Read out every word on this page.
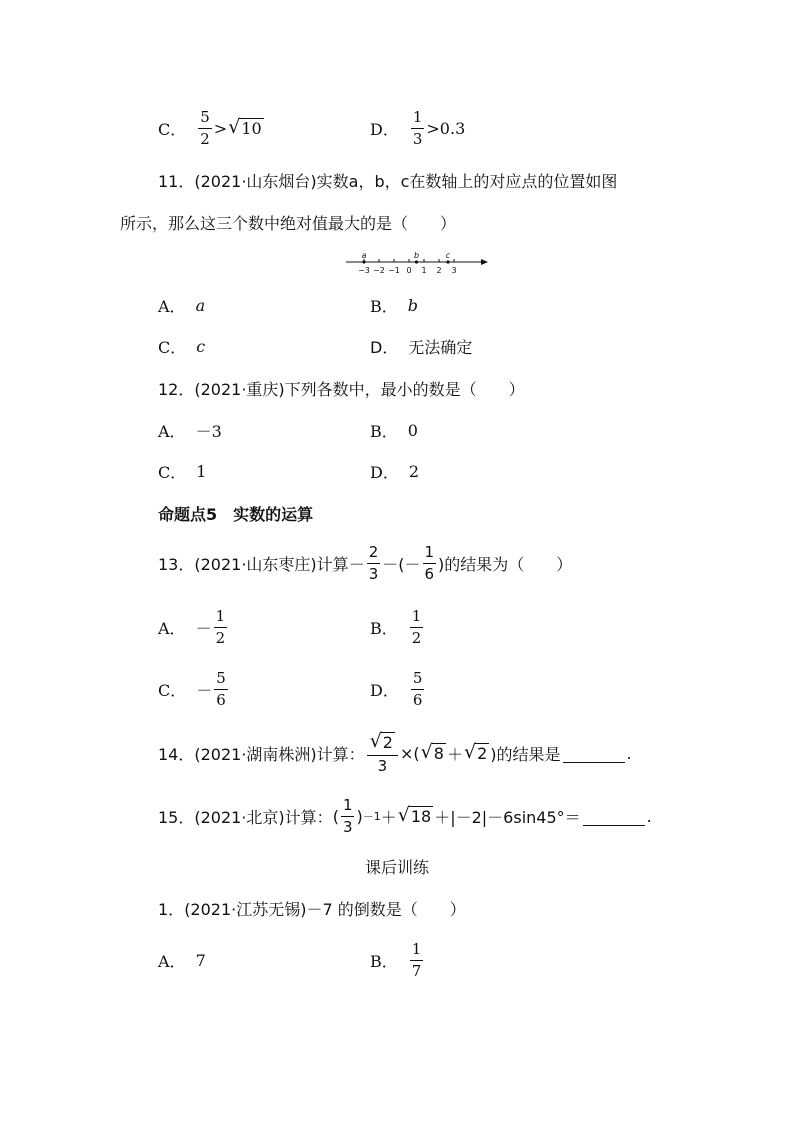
C． $\frac{5}{2}$ > √ 10	D． $\frac{1}{3} >0.3$
11． (2021·山东烟台) 实数a，b，c在数轴上的对应点的位置如图
所示，那么这三个数中绝对值最大的是（　　）
−3 −2 −1 0 1 2 3
a	b	c
A． a	B． b
C． c	D． 无法确定
12． (2021·重庆) 下列各数中，最小的数是（　　）
A． －3	B． 0
C． 1	D． 2
命题点5　实数的运算
13． (2021·山东枣庄) 计算 － $\frac{2}{3}$ －(－ $\frac{1}{6}$ )的结果为（　　）
A． － $\frac{1}{2}$	B． $\frac{1}{2}$
C． － $\frac{5}{6}$	D． $\frac{5}{6}$
14． (2021·湖南株洲) 计算： $\frac{√ 2}{3}$ ×( √ 8 ＋ √ 2 )的结果是	.
15． (2021·北京) 计算： ( $\frac{1}{3}$ ) －1 ＋ √ 18 ＋|－2|－6sin45°＝	.
课后训练
1． (2021·江苏无锡) －7 的倒数是（　　）
A． 7	B． $\frac{1}{7}$
